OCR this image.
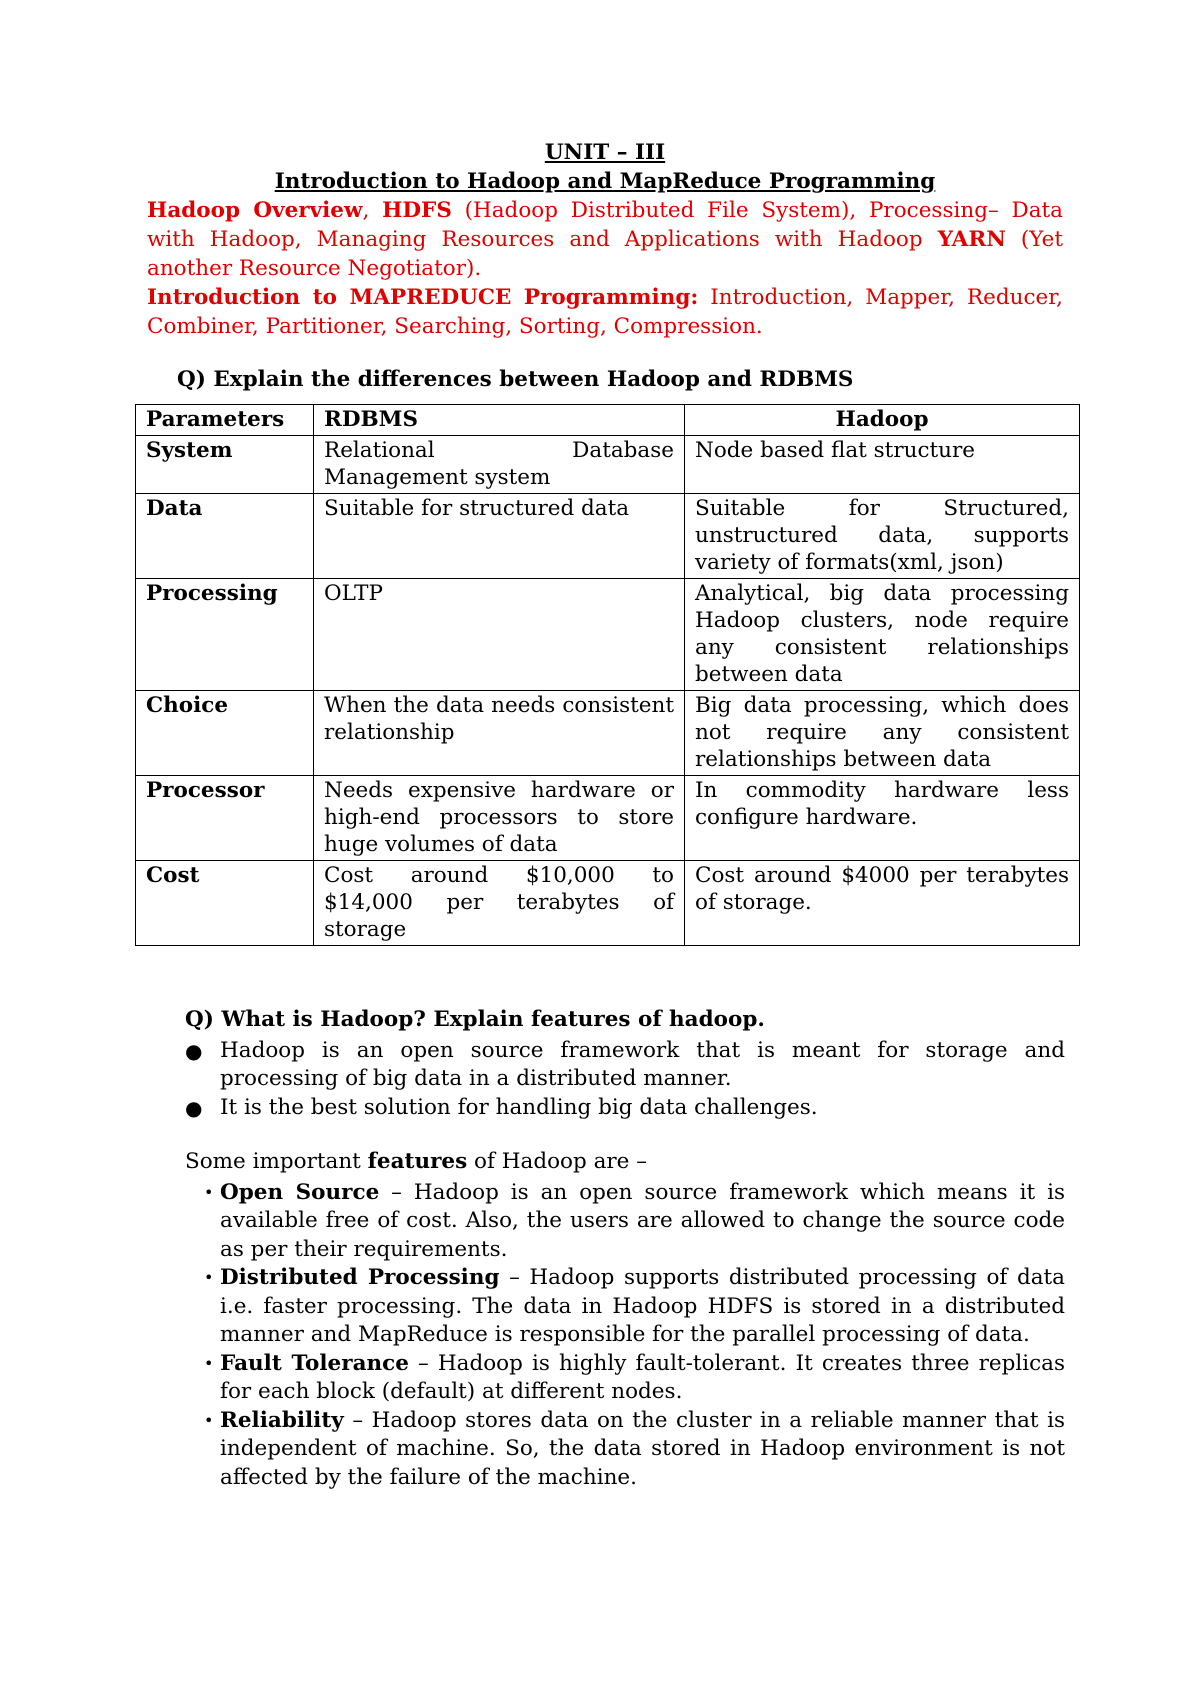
UNIT – III
Introduction to Hadoop and MapReduce Programming
Hadoop Overview, HDFS (Hadoop Distributed File System), Processing– Data with Hadoop, Managing Resources and Applications with Hadoop YARN (Yet another Resource Negotiator).
Introduction to MAPREDUCE Programming: Introduction, Mapper, Reducer, Combiner, Partitioner, Searching, Sorting, Compression.
Q) Explain the differences between Hadoop and RDBMS
Parameters	RDBMS	Hadoop
System	Relational Database Management system	Node based flat structure
Data	Suitable for structured data	Suitable for Structured, unstructured data, supports variety of formats(xml, json)
Processing	OLTP	Analytical, big data processing Hadoop clusters, node require any consistent relationships between data
Choice	When the data needs consistent relationship	Big data processing, which does not require any consistent relationships between data
Processor	Needs expensive hardware or high-end processors to store huge volumes of data	In commodity hardware less configure hardware.
Cost	Cost around $10,000 to $14,000 per terabytes of storage	Cost around $4000 per terabytes of storage.
Q) What is Hadoop? Explain features of hadoop.
● Hadoop is an open source framework that is meant for storage and processing of big data in a distributed manner.
● It is the best solution for handling big data challenges.
Some important features of Hadoop are –
• Open Source – Hadoop is an open source framework which means it is available free of cost. Also, the users are allowed to change the source code as per their requirements.
• Distributed Processing – Hadoop supports distributed processing of data i.e. faster processing. The data in Hadoop HDFS is stored in a distributed manner and MapReduce is responsible for the parallel processing of data.
• Fault Tolerance – Hadoop is highly fault-tolerant. It creates three replicas for each block (default) at different nodes.
• Reliability – Hadoop stores data on the cluster in a reliable manner that is independent of machine. So, the data stored in Hadoop environment is not affected by the failure of the machine.
